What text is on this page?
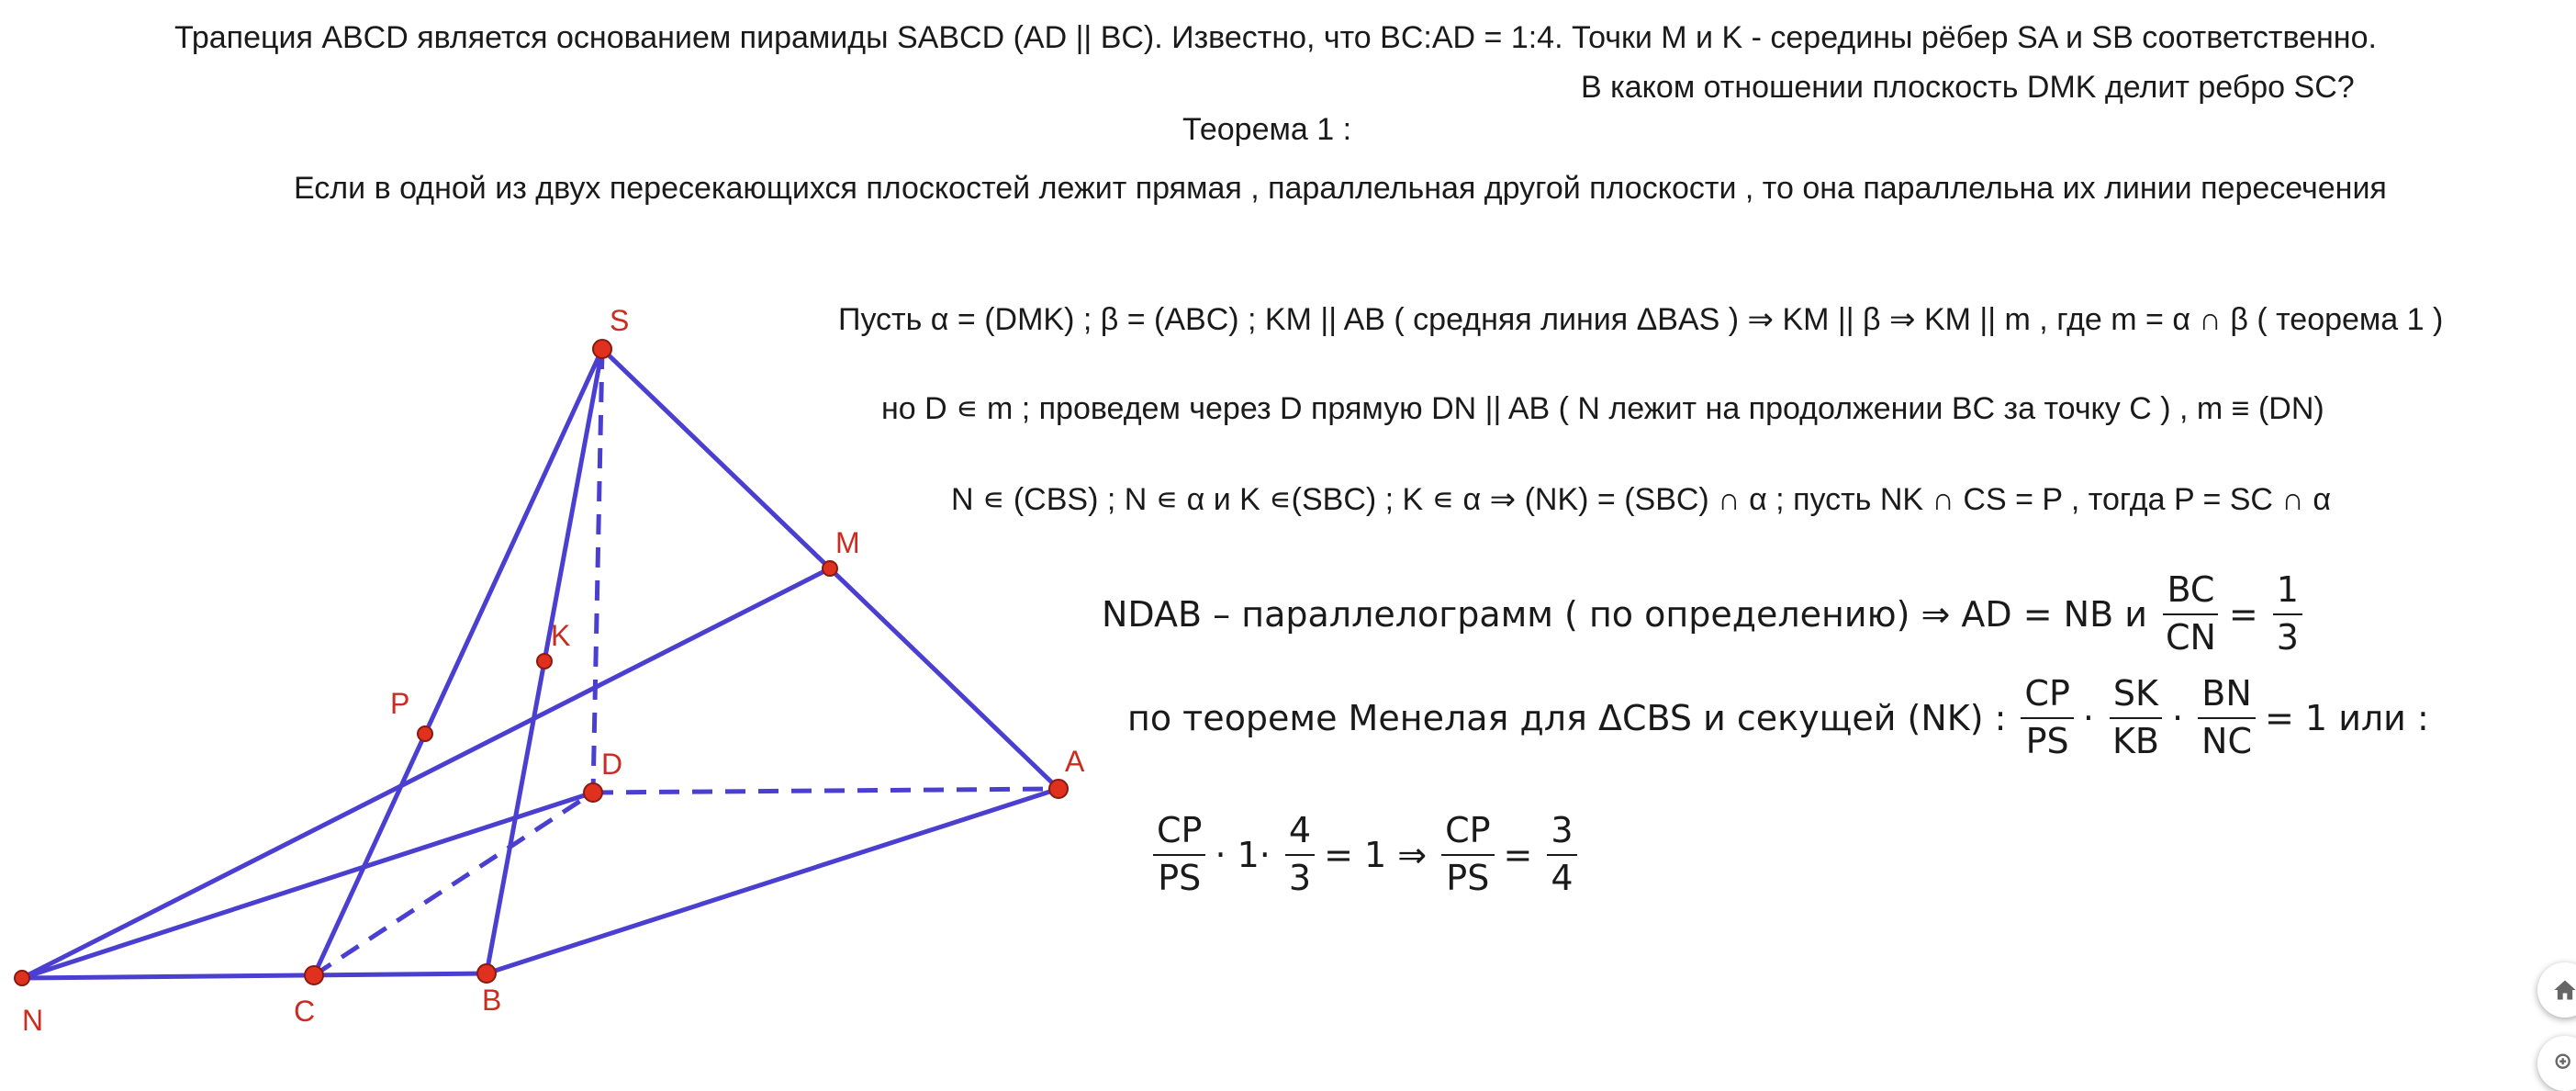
Трапеция ABCD является основанием пирамиды SABCD (AD || BC). Известно, что BC:AD = 1:4. Точки M и K - середины рёбер SA и SB соответственно.
В каком отношении плоскость DMK делит ребро SC?
Теорема 1 :
Если в одной из двух пересекающихся плоскостей лежит прямая , параллельная другой плоскости , то она параллельна их линии пересечения
Пусть α = (DMK) ; β = (ABC) ; KM || AB ( средняя линия ΔBAS ) ⇒ KM || β ⇒ KM || m , где m = α ∩ β ( теорема 1 )
но D ∊ m ; проведем через D прямую DN || AB ( N лежит на продолжении BC за точку C ) , m ≡ (DN)
N ∊ (CBS) ; N ∊ α и K ∊(SBC) ; K ∊ α ⇒ (NK) = (SBC) ∩ α ; пусть NK ∩ CS = P , тогда P = SC ∩ α
NDAB – параллелограмм ( по определению) ⇒ AD = NB и $\frac{BC}{CN} = \frac{1}{3}$
по теореме Менелая для ΔCBS и секущей (NK) : $\frac{CP}{PS} \cdot \frac{SK}{KB} \cdot \frac{BN}{NC} = 1$ или :
$\frac{CP}{PS} \cdot 1\cdot \frac{4}{3} = 1$ ⇒ $\frac{CP}{PS} = \frac{3}{4}$
S
M
K
P
D	A
N	C	B
